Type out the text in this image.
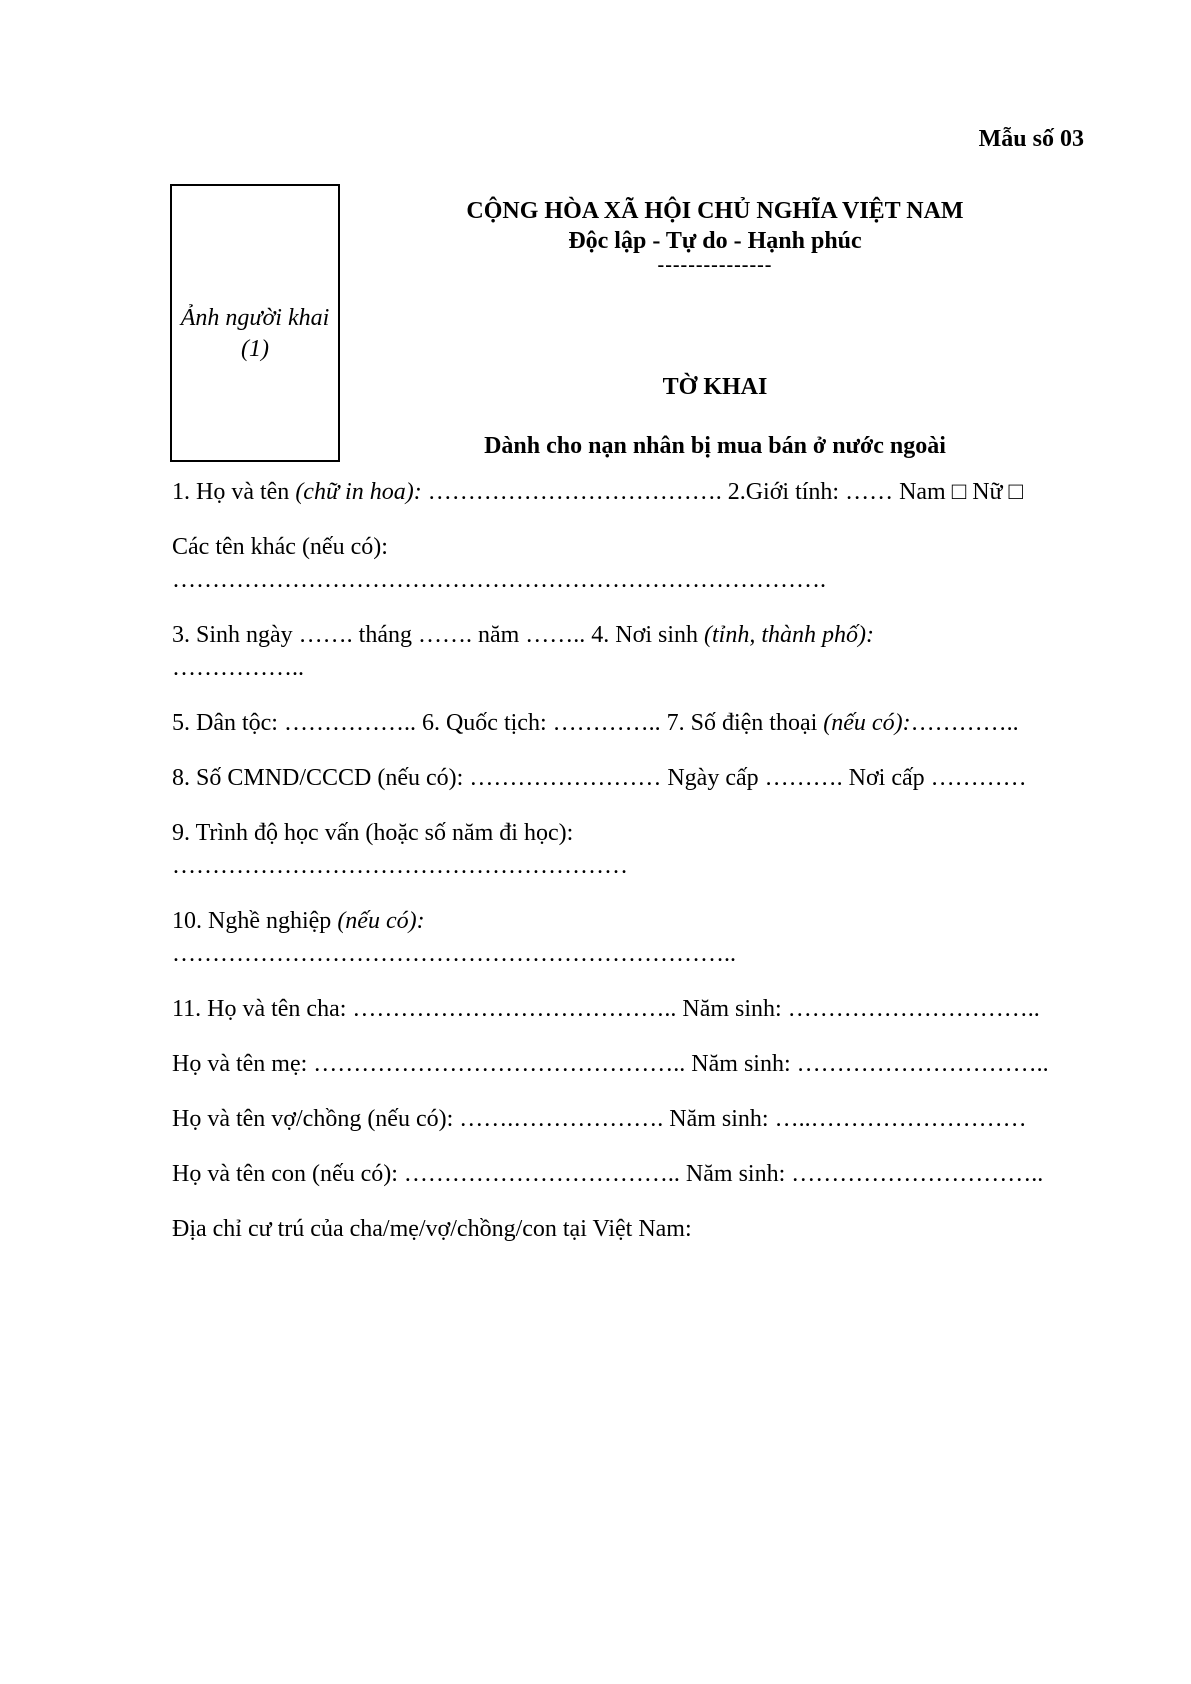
Mẫu số 03
Ảnh người khai
(1)
CỘNG HÒA XÃ HỘI CHỦ NGHĨA VIỆT NAM
Độc lập - Tự do - Hạnh phúc
---------------
TỜ KHAI
Dành cho nạn nhân bị mua bán ở nước ngoài

1. Họ và tên (chữ in hoa): ………………………………. 2.Giới tính: …… Nam □ Nữ □

Các tên khác (nếu có):
……………………………………………………………………….

3. Sinh ngày ……. tháng ……. năm …….. 4. Nơi sinh (tỉnh, thành phố):
……………..

5. Dân tộc: …………….. 6. Quốc tịch: ………….. 7. Số điện thoại (nếu có):…………..

8. Số CMND/CCCD (nếu có): …………………… Ngày cấp ………. Nơi cấp …………

9. Trình độ học vấn (hoặc số năm đi học):
…………………………………………………

10. Nghề nghiệp (nếu có):
……………………………………………………………..

11. Họ và tên cha: ………………………………….. Năm sinh: …………………………..

Họ và tên mẹ: ……………………………………….. Năm sinh: …………………………..

Họ và tên vợ/chồng (nếu có): …….………………. Năm sinh: …..………………………

Họ và tên con (nếu có): …………………………….. Năm sinh: …………………………..

Địa chỉ cư trú của cha/mẹ/vợ/chồng/con tại Việt Nam:
